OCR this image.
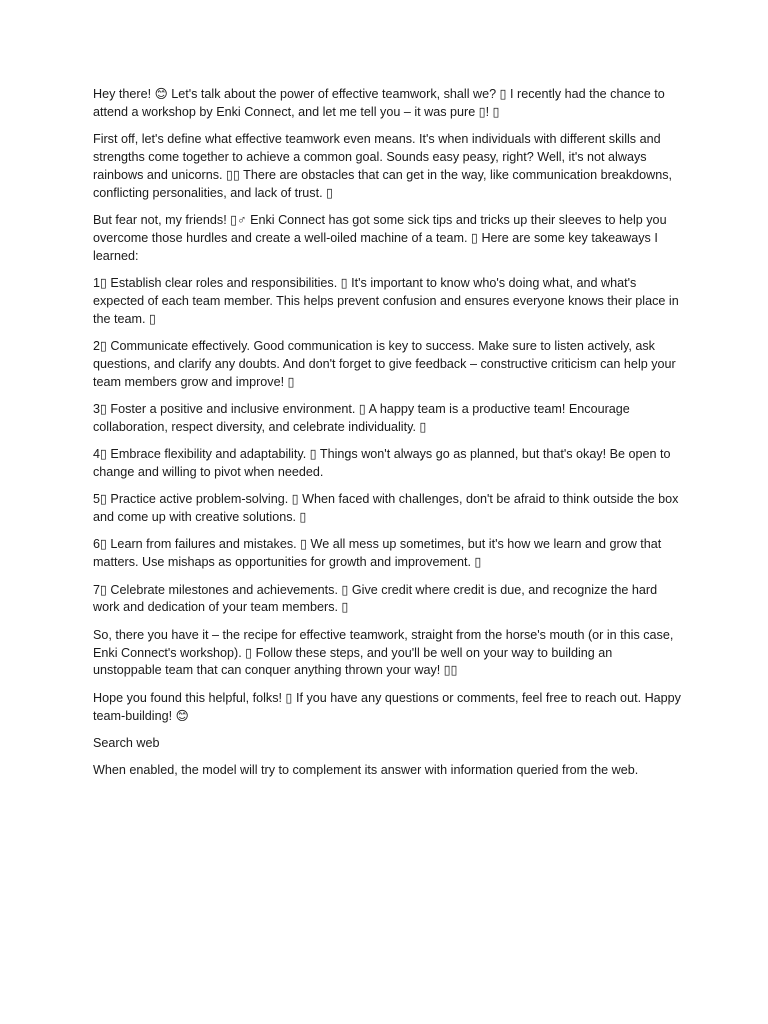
Hey there! 😊 Let's talk about the power of effective teamwork, shall we? ▯ I recently had the chance to attend a workshop by Enki Connect, and let me tell you – it was pure ▯! ▯

First off, let's define what effective teamwork even means. It's when individuals with different skills and strengths come together to achieve a common goal. Sounds easy peasy, right? Well, it's not always rainbows and unicorns. ▯▯ There are obstacles that can get in the way, like communication breakdowns, conflicting personalities, and lack of trust. ▯

But fear not, my friends! ▯♂ Enki Connect has got some sick tips and tricks up their sleeves to help you overcome those hurdles and create a well-oiled machine of a team. ▯ Here are some key takeaways I learned:

1▯ Establish clear roles and responsibilities. ▯ It's important to know who's doing what, and what's expected of each team member. This helps prevent confusion and ensures everyone knows their place in the team. ▯

2▯ Communicate effectively. Good communication is key to success. Make sure to listen actively, ask questions, and clarify any doubts. And don't forget to give feedback – constructive criticism can help your team members grow and improve! ▯

3▯ Foster a positive and inclusive environment. ▯ A happy team is a productive team! Encourage collaboration, respect diversity, and celebrate individuality. ▯

4▯ Embrace flexibility and adaptability. ▯ Things won't always go as planned, but that's okay! Be open to change and willing to pivot when needed.

5▯ Practice active problem-solving. ▯ When faced with challenges, don't be afraid to think outside the box and come up with creative solutions. ▯

6▯ Learn from failures and mistakes. ▯ We all mess up sometimes, but it's how we learn and grow that matters. Use mishaps as opportunities for growth and improvement. ▯

7▯ Celebrate milestones and achievements. ▯ Give credit where credit is due, and recognize the hard work and dedication of your team members. ▯

So, there you have it – the recipe for effective teamwork, straight from the horse's mouth (or in this case, Enki Connect's workshop). ▯ Follow these steps, and you'll be well on your way to building an unstoppable team that can conquer anything thrown your way! ▯▯

Hope you found this helpful, folks! ▯ If you have any questions or comments, feel free to reach out. Happy team-building! 😊

Search web

When enabled, the model will try to complement its answer with information queried from the web.
